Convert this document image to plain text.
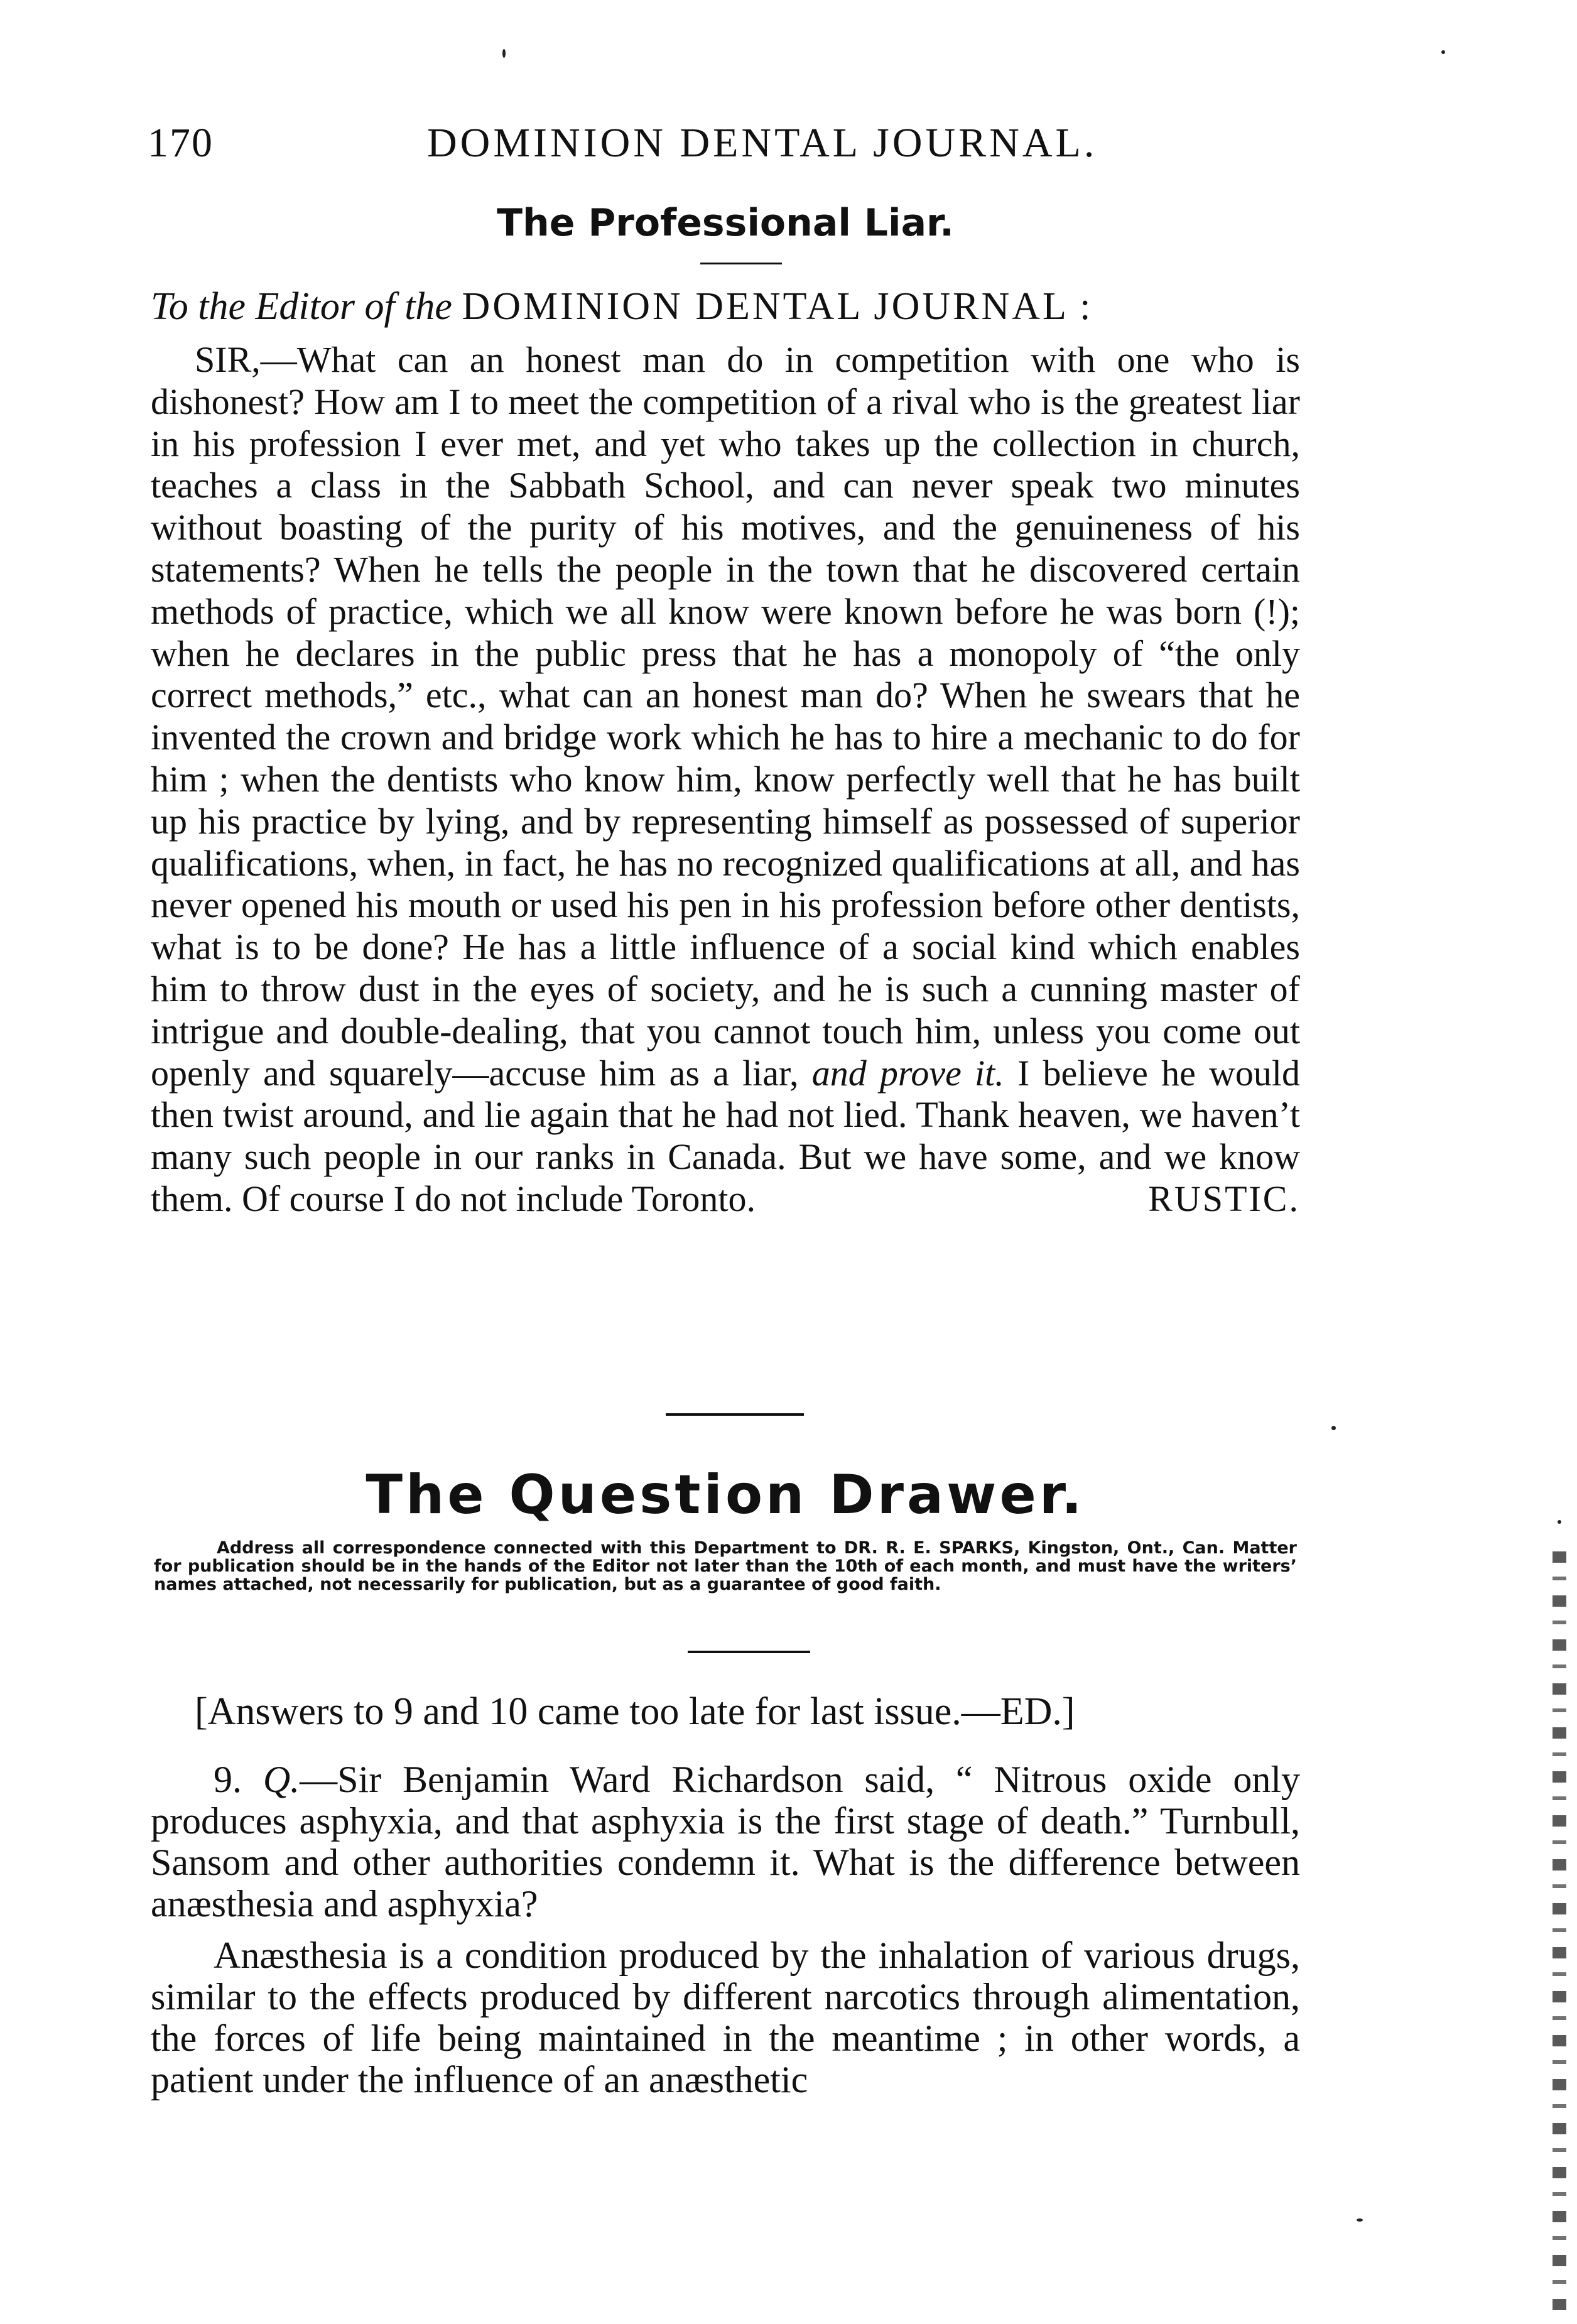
170	DOMINION DENTAL JOURNAL.
The Professional Liar.
To the Editor of the DOMINION DENTAL JOURNAL :

SIR,—What can an honest man do in competition with one who is dishonest? How am I to meet the competition of a rival who is the greatest liar in his profession I ever met, and yet who takes up the collection in church, teaches a class in the Sabbath School, and can never speak two minutes without boasting of the purity of his motives, and the genuineness of his statements? When he tells the people in the town that he discovered certain methods of practice, which we all know were known before he was born (!); when he declares in the public press that he has a monopoly of “the only correct methods,” etc., what can an honest man do? When he swears that he invented the crown and bridge work which he has to hire a mechanic to do for him ; when the dentists who know him, know perfectly well that he has built up his practice by lying, and by representing himself as possessed of superior qualifications, when, in fact, he has no recognized qualifications at all, and has never opened his mouth or used his pen in his profession before other dentists, what is to be done? He has a little influence of a social kind which enables him to throw dust in the eyes of society, and he is such a cunning master of intrigue and double-dealing, that you cannot touch him, unless you come out openly and squarely—accuse him as a liar, and prove it. I believe he would then twist around, and lie again that he had not lied. Thank heaven, we haven’t many such people in our ranks in Canada. But we have some, and we know them. Of course I do not include Toronto.	RUSTIC.

The Question Drawer.

Address all correspondence connected with this Department to DR. R. E. SPARKS, Kingston, Ont., Can. Matter for publication should be in the hands of the Editor not later than the 10th of each month, and must have the writers’ names attached, not necessarily for publication, but as a guarantee of good faith.

[Answers to 9 and 10 came too late for last issue.—ED.]

9. Q.—Sir Benjamin Ward Richardson said, “ Nitrous oxide only produces asphyxia, and that asphyxia is the first stage of death.” Turnbull, Sansom and other authorities condemn it. What is the difference between anæsthesia and asphyxia?

Anæsthesia is a condition produced by the inhalation of various drugs, similar to the effects produced by different narcotics through alimentation, the forces of life being maintained in the meantime ; in other words, a patient under the influence of an anæsthetic
